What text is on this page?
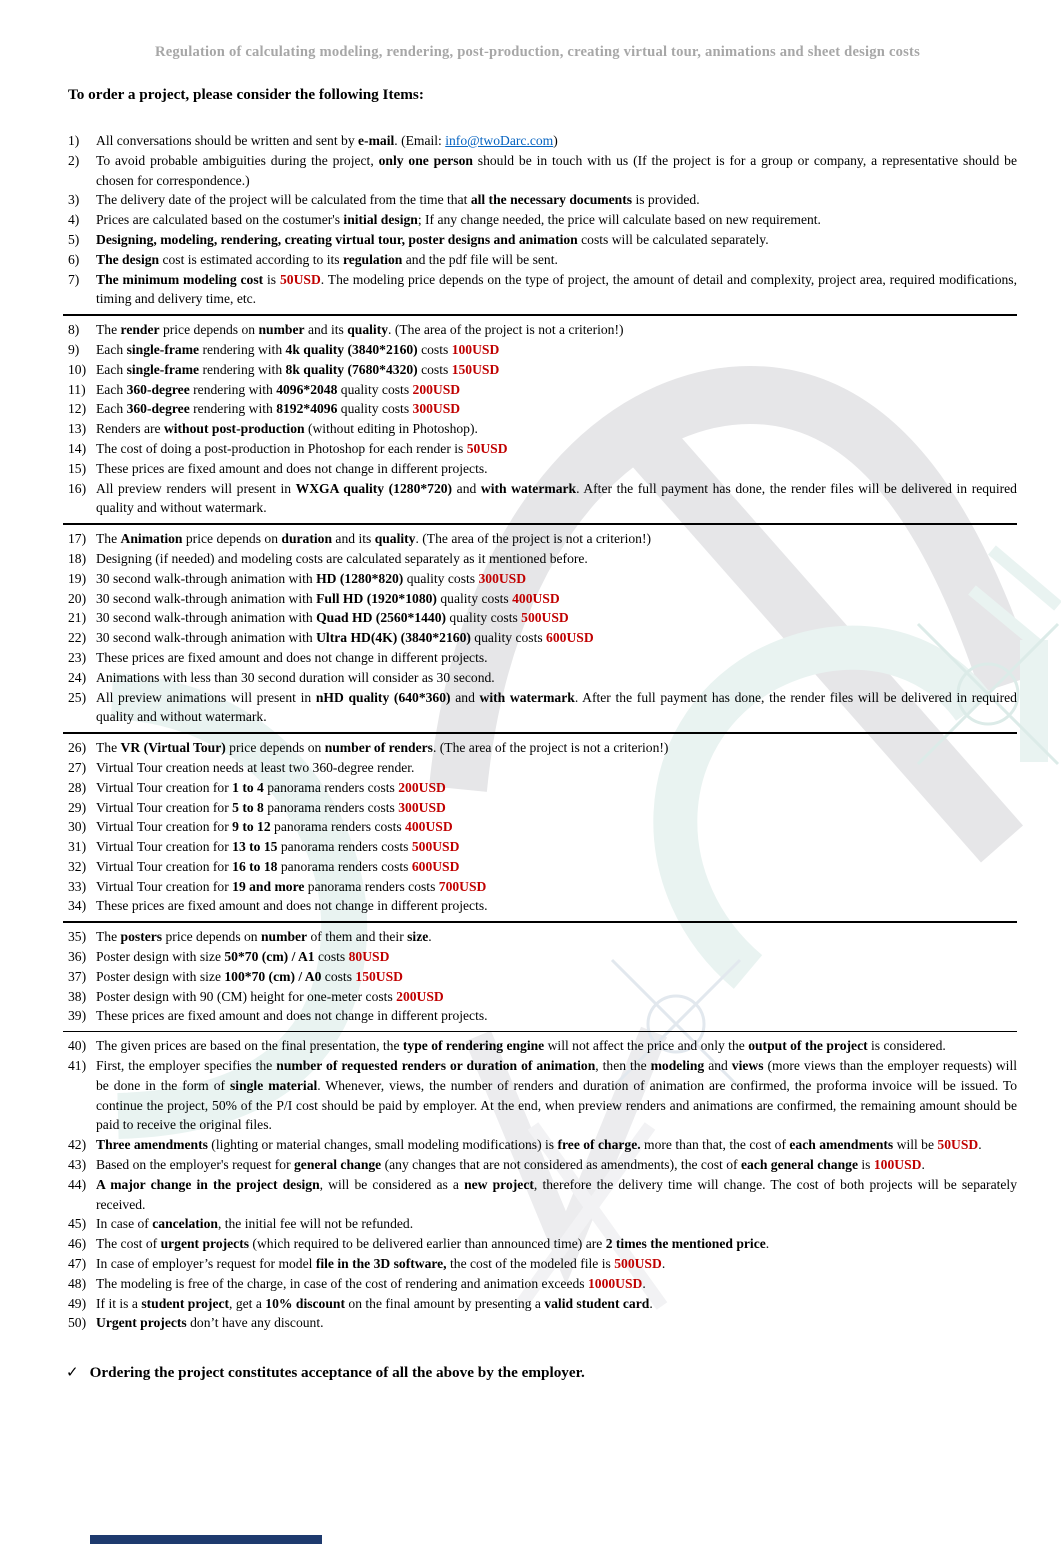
Regulation of calculating modeling, rendering, post-production, creating virtual tour, animations and sheet design costs
To order a project, please consider the following Items:
1) All conversations should be written and sent by e-mail. (Email: info@twoDarc.com)
2) To avoid probable ambiguities during the project, only one person should be in touch with us (If the project is for a group or company, a representative should be chosen for correspondence.)
3) The delivery date of the project will be calculated from the time that all the necessary documents is provided.
4) Prices are calculated based on the costumer's initial design; If any change needed, the price will calculate based on new requirement.
5) Designing, modeling, rendering, creating virtual tour, poster designs and animation costs will be calculated separately.
6) The design cost is estimated according to its regulation and the pdf file will be sent.
7) The minimum modeling cost is 50USD. The modeling price depends on the type of project, the amount of detail and complexity, project area, required modifications, timing and delivery time, etc.
8) The render price depends on number and its quality. (The area of the project is not a criterion!)
9) Each single-frame rendering with 4k quality (3840*2160) costs 100USD
10) Each single-frame rendering with 8k quality (7680*4320) costs 150USD
11) Each 360-degree rendering with 4096*2048 quality costs 200USD
12) Each 360-degree rendering with 8192*4096 quality costs 300USD
13) Renders are without post-production (without editing in Photoshop).
14) The cost of doing a post-production in Photoshop for each render is 50USD
15) These prices are fixed amount and does not change in different projects.
16) All preview renders will present in WXGA quality (1280*720) and with watermark. After the full payment has done, the render files will be delivered in required quality and without watermark.
17) The Animation price depends on duration and its quality. (The area of the project is not a criterion!)
18) Designing (if needed) and modeling costs are calculated separately as it mentioned before.
19) 30 second walk-through animation with HD (1280*820) quality costs 300USD
20) 30 second walk-through animation with Full HD (1920*1080) quality costs 400USD
21) 30 second walk-through animation with Quad HD (2560*1440) quality costs 500USD
22) 30 second walk-through animation with Ultra HD(4K) (3840*2160) quality costs 600USD
23) These prices are fixed amount and does not change in different projects.
24) Animations with less than 30 second duration will consider as 30 second.
25) All preview animations will present in nHD quality (640*360) and with watermark. After the full payment has done, the render files will be delivered in required quality and without watermark.
26) The VR (Virtual Tour) price depends on number of renders. (The area of the project is not a criterion!)
27) Virtual Tour creation needs at least two 360-degree render.
28) Virtual Tour creation for 1 to 4 panorama renders costs 200USD
29) Virtual Tour creation for 5 to 8 panorama renders costs 300USD
30) Virtual Tour creation for 9 to 12 panorama renders costs 400USD
31) Virtual Tour creation for 13 to 15 panorama renders costs 500USD
32) Virtual Tour creation for 16 to 18 panorama renders costs 600USD
33) Virtual Tour creation for 19 and more panorama renders costs 700USD
34) These prices are fixed amount and does not change in different projects.
35) The posters price depends on number of them and their size.
36) Poster design with size 50*70 (cm) / A1 costs 80USD
37) Poster design with size 100*70 (cm) / A0 costs 150USD
38) Poster design with 90 (CM) height for one-meter costs 200USD
39) These prices are fixed amount and does not change in different projects.
40) The given prices are based on the final presentation, the type of rendering engine will not affect the price and only the output of the project is considered.
41) First, the employer specifies the number of requested renders or duration of animation, then the modeling and views (more views than the employer requests) will be done in the form of single material. Whenever, views, the number of renders and duration of animation are confirmed, the proforma invoice will be issued. To continue the project, 50% of the P/I cost should be paid by employer. At the end, when preview renders and animations are confirmed, the remaining amount should be paid to receive the original files.
42) Three amendments (lighting or material changes, small modeling modifications) is free of charge. more than that, the cost of each amendments will be 50USD.
43) Based on the employer's request for general change (any changes that are not considered as amendments), the cost of each general change is 100USD.
44) A major change in the project design, will be considered as a new project, therefore the delivery time will change. The cost of both projects will be separately received.
45) In case of cancelation, the initial fee will not be refunded.
46) The cost of urgent projects (which required to be delivered earlier than announced time) are 2 times the mentioned price.
47) In case of employer’s request for model file in the 3D software, the cost of the modeled file is 500USD.
48) The modeling is free of the charge, in case of the cost of rendering and animation exceeds 1000USD.
49) If it is a student project, get a 10% discount on the final amount by presenting a valid student card.
50) Urgent projects don’t have any discount.
✓ Ordering the project constitutes acceptance of all the above by the employer.
